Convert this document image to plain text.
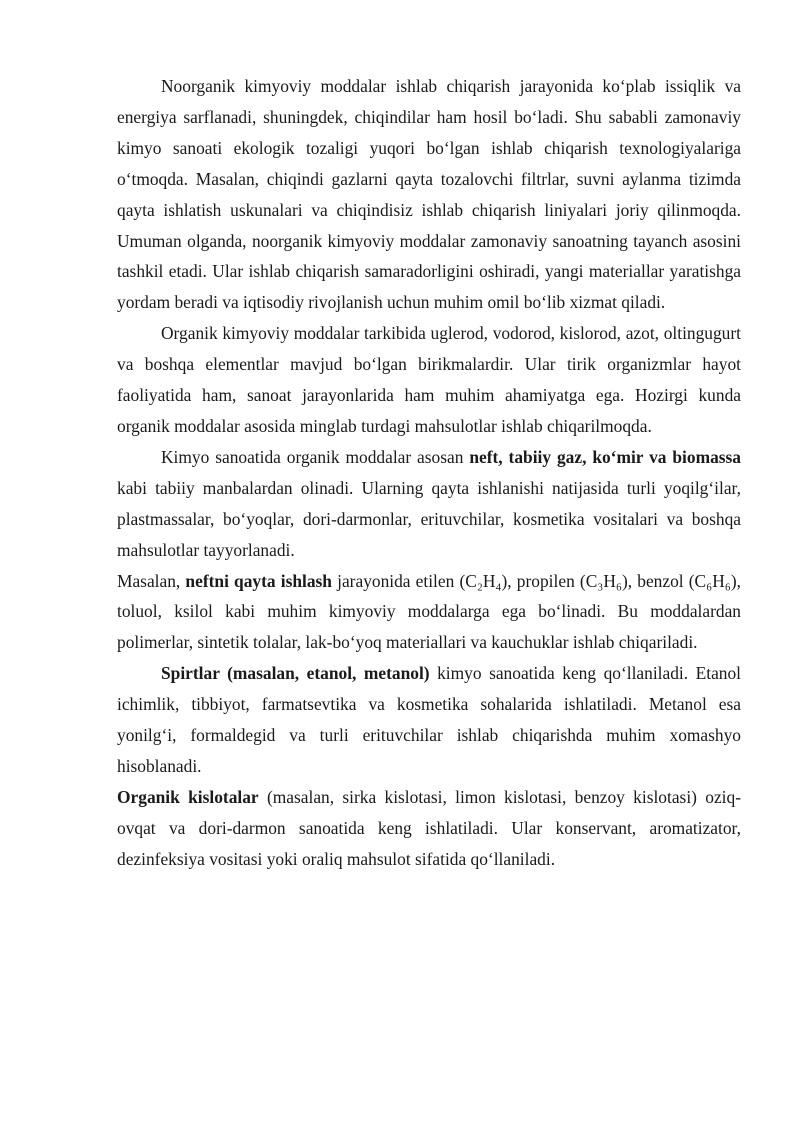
Noorganik kimyoviy moddalar ishlab chiqarish jarayonida koʻplab issiqlik va energiya sarflanadi, shuningdek, chiqindilar ham hosil boʻladi. Shu sababli zamonaviy kimyo sanoati ekologik tozaligi yuqori boʻlgan ishlab chiqarish texnologiyalariga oʻtmoqda. Masalan, chiqindi gazlarni qayta tozalovchi filtrlar, suvni aylanma tizimda qayta ishlatish uskunalari va chiqindisiz ishlab chiqarish liniyalari joriy qilinmoqda. Umuman olganda, noorganik kimyoviy moddalar zamonaviy sanoatning tayanch asosini tashkil etadi. Ular ishlab chiqarish samaradorligini oshiradi, yangi materiallar yaratishga yordam beradi va iqtisodiy rivojlanish uchun muhim omil boʻlib xizmat qiladi.

Organik kimyoviy moddalar tarkibida uglerod, vodorod, kislorod, azot, oltingugurt va boshqa elementlar mavjud boʻlgan birikmalardir. Ular tirik organizmlar hayot faoliyatida ham, sanoat jarayonlarida ham muhim ahamiyatga ega. Hozirgi kunda organik moddalar asosida minglab turdagi mahsulotlar ishlab chiqarilmoqda.

Kimyo sanoatida organik moddalar asosan neft, tabiiy gaz, koʻmir va biomassa kabi tabiiy manbalardan olinadi. Ularning qayta ishlanishi natijasida turli yoqilgʻilar, plastmassalar, boʻyoqlar, dori-darmonlar, erituvchilar, kosmetika vositalari va boshqa mahsulotlar tayyorlanadi.

Masalan, neftni qayta ishlash jarayonida etilen (C₂H₄), propilen (C₃H₆), benzol (C₆H₆), toluol, ksilol kabi muhim kimyoviy moddalarga ega boʻlinadi. Bu moddalardan polimerlar, sintetik tolalar, lak-boʻyoq materiallari va kauchuklar ishlab chiqariladi.

Spirtlar (masalan, etanol, metanol) kimyo sanoatida keng qoʻllaniladi. Etanol ichimlik, tibbiyot, farmatsevtika va kosmetika sohalarida ishlatiladi. Metanol esa yonilgʻi, formaldegid va turli erituvchilar ishlab chiqarishda muhim xomashyo hisoblanadi.

Organik kislotalar (masalan, sirka kislotasi, limon kislotasi, benzoy kislotasi) oziq-ovqat va dori-darmon sanoatida keng ishlatiladi. Ular konservant, aromatizator, dezinfeksiya vositasi yoki oraliq mahsulot sifatida qoʻllaniladi.
